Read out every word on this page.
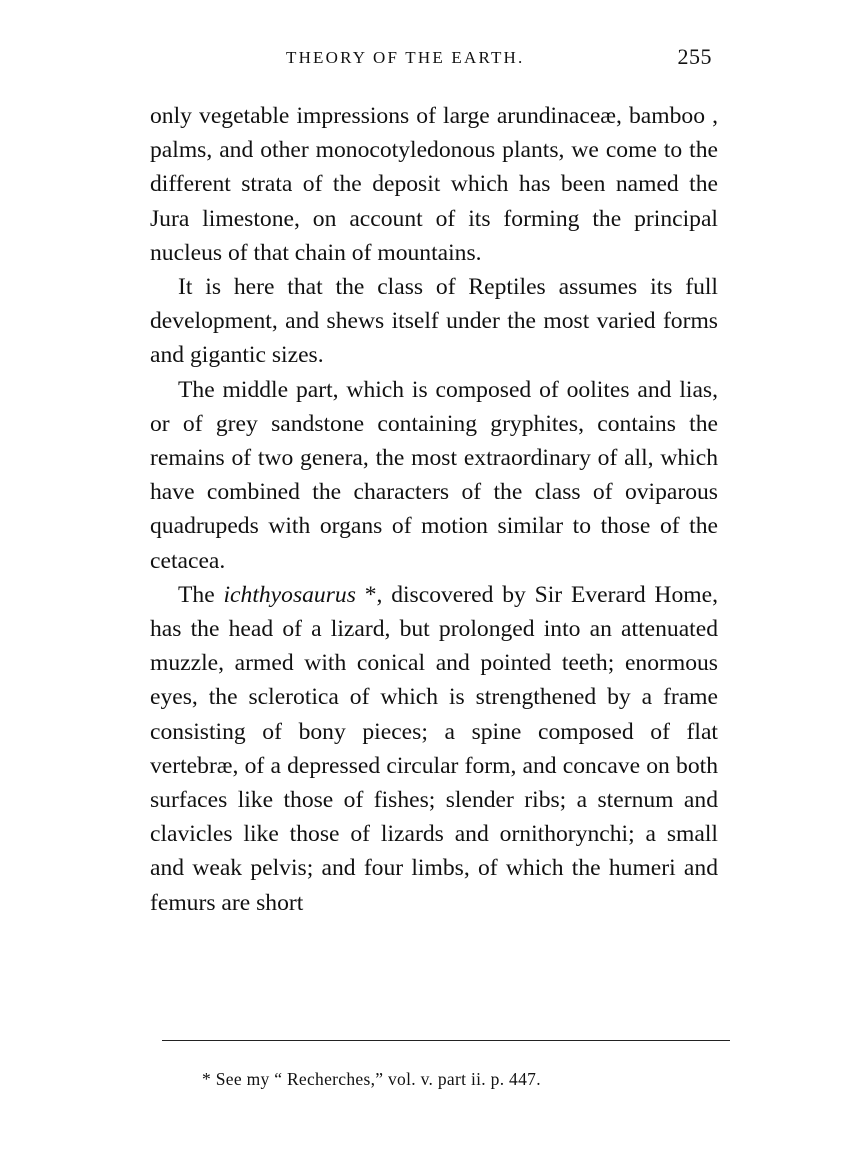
THEORY OF THE EARTH.	255

only vegetable impressions of large arundinaceæ, bamboo , palms, and other monocotyledonous plants, we come to the different strata of the deposit which has been named the Jura limestone, on account of its forming the principal nucleus of that chain of mountains.

It is here that the class of Reptiles assumes its full development, and shews itself under the most varied forms and gigantic sizes.

The middle part, which is composed of oolites and lias, or of grey sandstone containing gryphites, contains the remains of two genera, the most extraordinary of all, which have combined the characters of the class of oviparous quadrupeds with organs of motion similar to those of the cetacea.

The ichthyosaurus *, discovered by Sir Everard Home, has the head of a lizard, but prolonged into an attenuated muzzle, armed with conical and pointed teeth; enormous eyes, the sclerotica of which is strengthened by a frame consisting of bony pieces; a spine composed of flat vertebræ, of a depressed circular form, and concave on both surfaces like those of fishes; slender ribs; a sternum and clavicles like those of lizards and ornithorynchi; a small and weak pelvis; and four limbs, of which the humeri and femurs are short

* See my “ Recherches,” vol. v. part ii. p. 447.
